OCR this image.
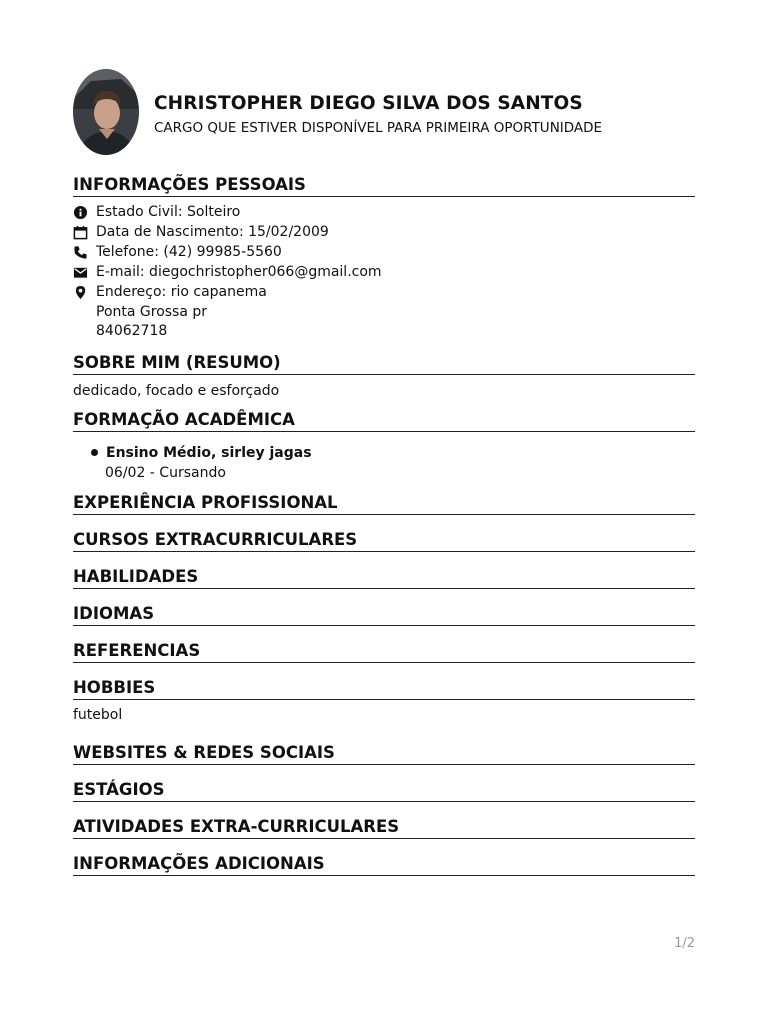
CHRISTOPHER DIEGO SILVA DOS SANTOS
CARGO QUE ESTIVER DISPONÍVEL PARA PRIMEIRA OPORTUNIDADE
INFORMAÇÕES PESSOAIS
Estado Civil: Solteiro
Data de Nascimento: 15/02/2009
Telefone: (42) 99985-5560
E-mail: diegochristopher066@gmail.com
Endereço: rio capanema
Ponta Grossa pr
84062718
SOBRE MIM (RESUMO)
dedicado, focado e esforçado
FORMAÇÃO ACADÊMICA
Ensino Médio, sirley jagas
06/02 - Cursando
EXPERIÊNCIA PROFISSIONAL
CURSOS EXTRACURRICULARES
HABILIDADES
IDIOMAS
REFERENCIAS
HOBBIES
futebol
WEBSITES & REDES SOCIAIS
ESTÁGIOS
ATIVIDADES EXTRA-CURRICULARES
INFORMAÇÕES ADICIONAIS
1/2
